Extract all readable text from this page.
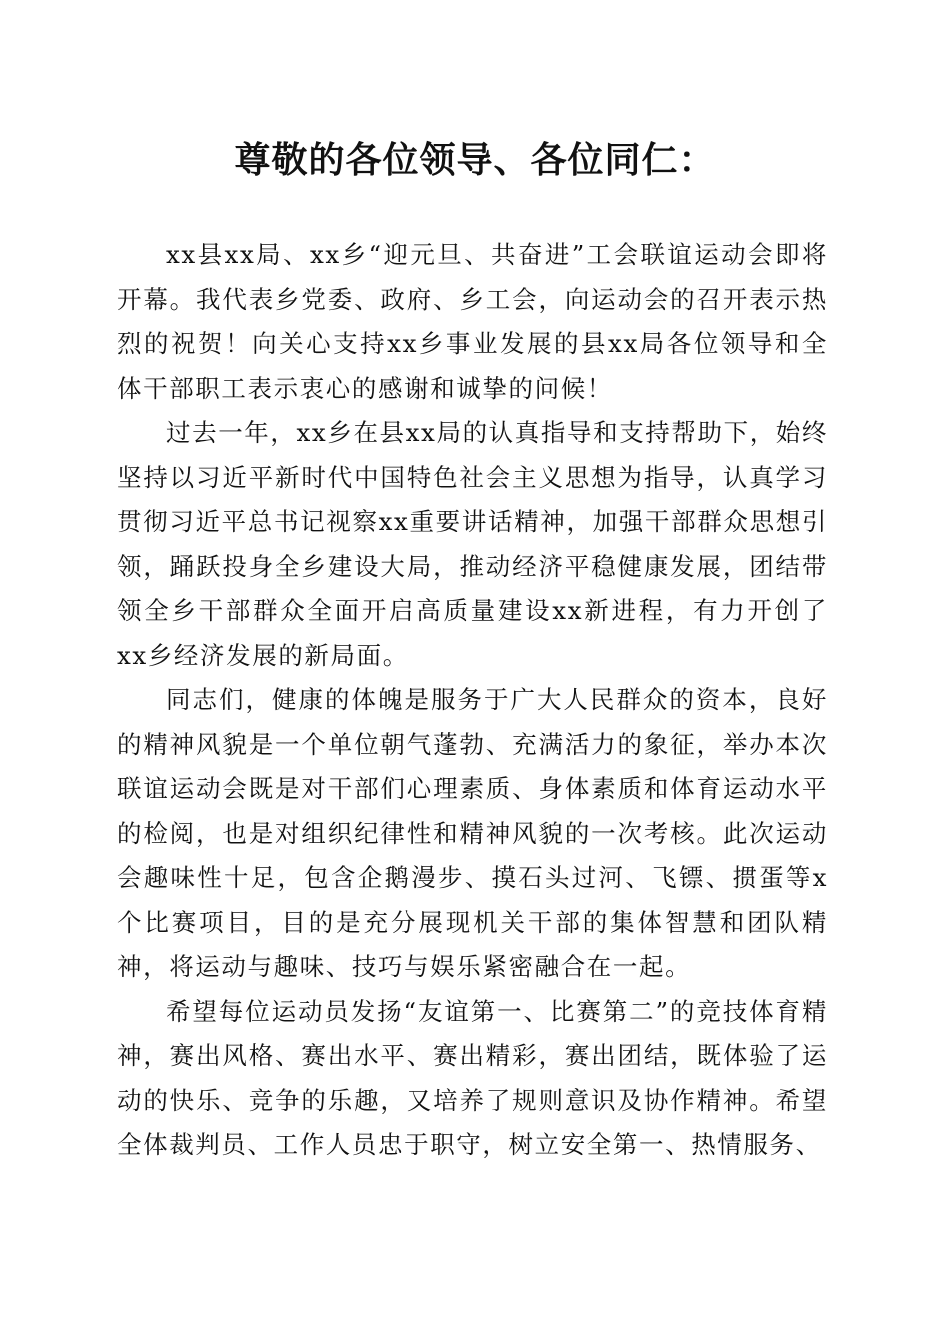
尊敬的各位领导、各位同仁：

xx县xx局、xx乡“迎元旦、共奋进”工会联谊运动会即将开幕。我代表乡党委、政府、乡工会，向运动会的召开表示热烈的祝贺！向关心支持xx乡事业发展的县xx局各位领导和全体干部职工表示衷心的感谢和诚挚的问候！

过去一年，xx乡在县xx局的认真指导和支持帮助下，始终坚持以习近平新时代中国特色社会主义思想为指导，认真学习贯彻习近平总书记视察xx重要讲话精神，加强干部群众思想引领，踊跃投身全乡建设大局，推动经济平稳健康发展，团结带领全乡干部群众全面开启高质量建设xx新进程，有力开创了xx乡经济发展的新局面。

同志们，健康的体魄是服务于广大人民群众的资本，良好的精神风貌是一个单位朝气蓬勃、充满活力的象征，举办本次联谊运动会既是对干部们心理素质、身体素质和体育运动水平的检阅，也是对组织纪律性和精神风貌的一次考核。此次运动会趣味性十足，包含企鹅漫步、摸石头过河、飞镖、掼蛋等x个比赛项目，目的是充分展现机关干部的集体智慧和团队精神，将运动与趣味、技巧与娱乐紧密融合在一起。

希望每位运动员发扬“友谊第一、比赛第二”的竞技体育精神，赛出风格、赛出水平、赛出精彩，赛出团结，既体验了运动的快乐、竞争的乐趣，又培养了规则意识及协作精神。希望全体裁判员、工作人员忠于职守，树立安全第一、热情服务、
